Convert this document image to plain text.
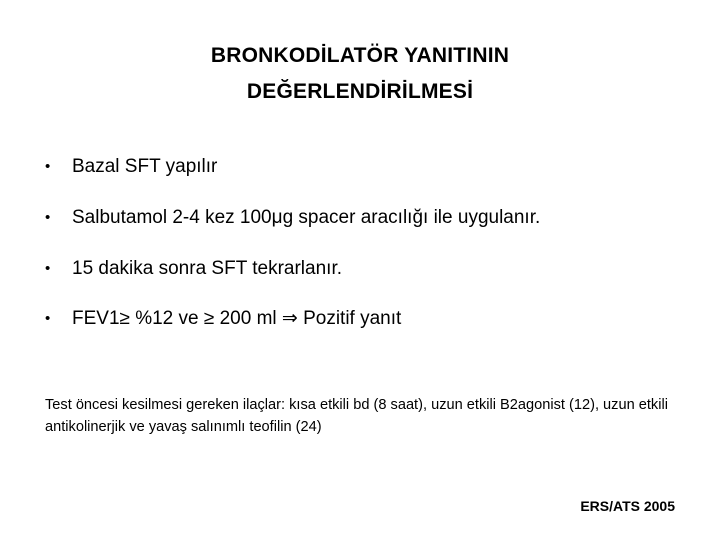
BRONKODİLATÖR YANITININ
DEĞERLENDİRİLMESİ
• Bazal SFT yapılır
• Salbutamol 2-4 kez 100μg spacer aracılığı ile uygulanır.
• 15 dakika sonra SFT tekrarlanır.
• FEV1≥ %12 ve ≥ 200 ml ⇒ Pozitif yanıt
Test öncesi kesilmesi gereken ilaçlar: kısa etkili bd (8 saat), uzun etkili B2agonist (12), uzun etkili antikolinerjik ve yavaş salınımlı teofilin (24)
ERS/ATS 2005
